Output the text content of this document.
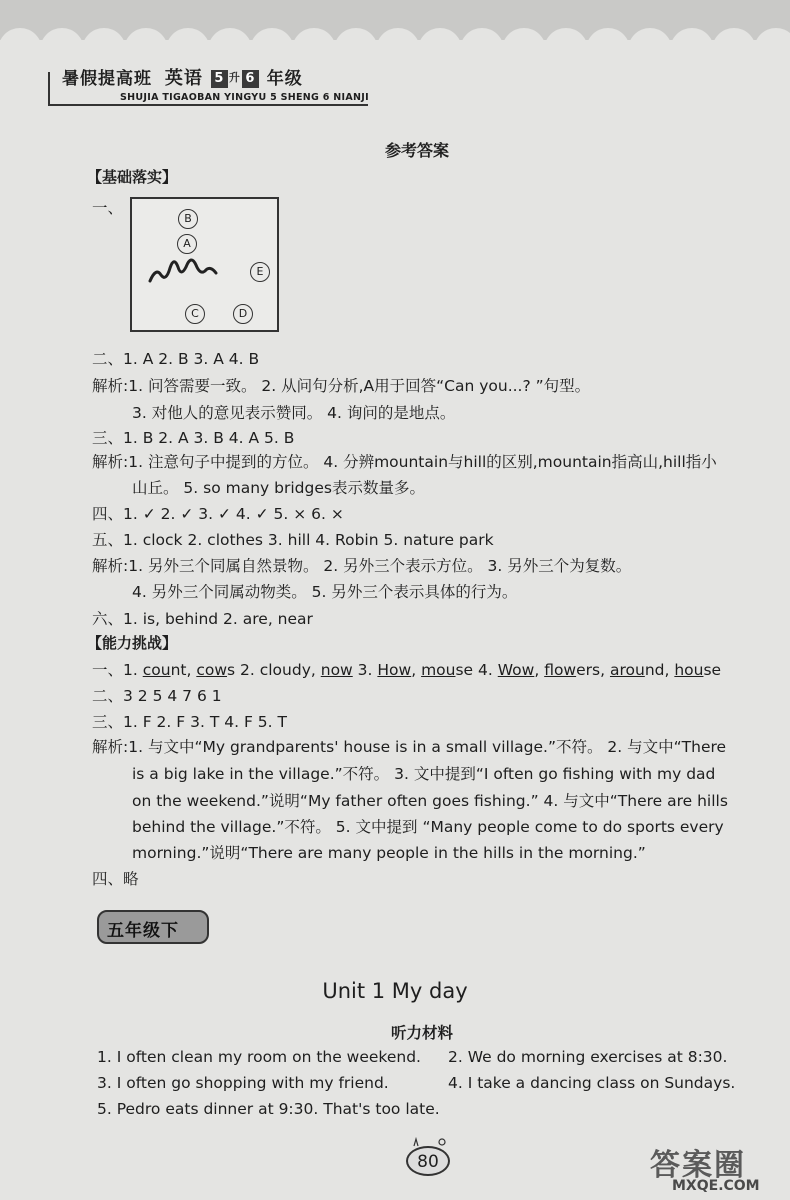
暑假提高班 英语 5 升 6 年级
SHUJIA TIGAOBAN YINGYU 5 SHENG 6 NIANJI
参考答案
【基础落实】
一、
B
A
E
C	D
二、1. A 2. B 3. A 4. B
解析:1. 问答需要一致。 2. 从问句分析,A用于回答“Can you...? ”句型。
3. 对他人的意见表示赞同。 4. 询问的是地点。
三、1. B 2. A 3. B 4. A 5. B
解析:1. 注意句子中提到的方位。 4. 分辨mountain与hill的区别,mountain指高山,hill指小
山丘。 5. so many bridges表示数量多。
四、1. ✓ 2. ✓ 3. ✓ 4. ✓ 5. × 6. ×
五、1. clock 2. clothes 3. hill 4. Robin 5. nature park
解析:1. 另外三个同属自然景物。 2. 另外三个表示方位。 3. 另外三个为复数。
4. 另外三个同属动物类。 5. 另外三个表示具体的行为。
六、1. is, behind 2. are, near
【能力挑战】
一、1. count, cows 2. cloudy, now 3. How, mouse 4. Wow, flowers, around, house
二、3 2 5 4 7 6 1
三、1. F 2. F 3. T 4. F 5. T
解析:1. 与文中“My grandparents' house is in a small village.”不符。 2. 与文中“There
is a big lake in the village.”不符。 3. 文中提到“I often go fishing with my dad
on the weekend.”说明“My father often goes fishing.” 4. 与文中“There are hills
behind the village.”不符。 5. 文中提到 “Many people come to do sports every
morning.”说明“There are many people in the hills in the morning.”
四、略
五年级下
Unit 1 My day
听力材料
1. I often clean my room on the weekend. 2. We do morning exercises at 8:30.
3. I often go shopping with my friend.	4. I take a dancing class on Sundays.
5. Pedro eats dinner at 9:30. That's too late.
80	答案圈
MXQE.COM
